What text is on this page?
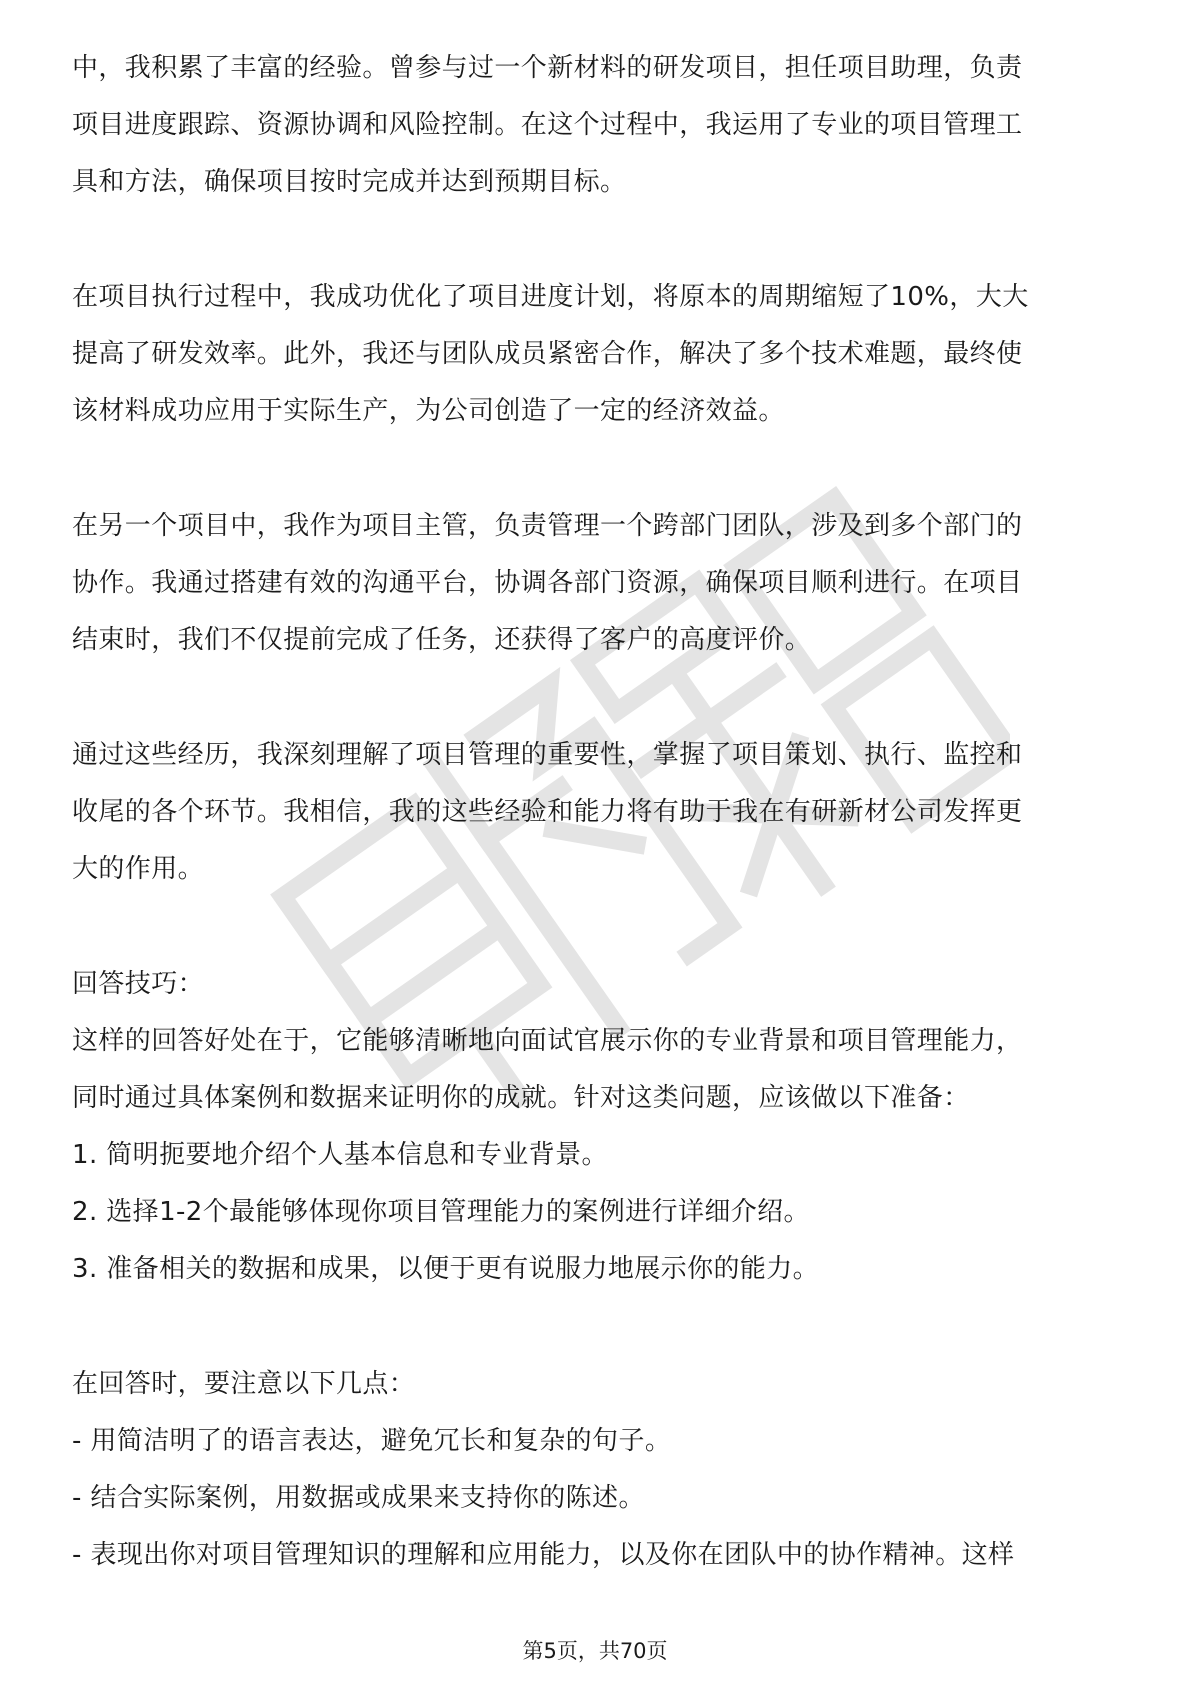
中，我积累了丰富的经验。曾参与过一个新材料的研发项目，担任项目助理，负责
项目进度跟踪、资源协调和风险控制。在这个过程中，我运用了专业的项目管理工
具和方法，确保项目按时完成并达到预期目标。
在项目执行过程中，我成功优化了项目进度计划，将原本的周期缩短了10%，大大
提高了研发效率。此外，我还与团队成员紧密合作，解决了多个技术难题，最终使
该材料成功应用于实际生产，为公司创造了一定的经济效益。
在另一个项目中，我作为项目主管，负责管理一个跨部门团队，涉及到多个部门的
协作。我通过搭建有效的沟通平台，协调各部门资源，确保项目顺利进行。在项目
结束时，我们不仅提前完成了任务，还获得了客户的高度评价。
通过这些经历，我深刻理解了项目管理的重要性，掌握了项目策划、执行、监控和
收尾的各个环节。我相信，我的这些经验和能力将有助于我在有研新材公司发挥更
大的作用。
回答技巧：
这样的回答好处在于，它能够清晰地向面试官展示你的专业背景和项目管理能力，
同时通过具体案例和数据来证明你的成就。针对这类问题，应该做以下准备：
1. 简明扼要地介绍个人基本信息和专业背景。
2. 选择1-2个最能够体现你项目管理能力的案例进行详细介绍。
3. 准备相关的数据和成果，以便于更有说服力地展示你的能力。
在回答时，要注意以下几点：
- 用简洁明了的语言表达，避免冗长和复杂的句子。
- 结合实际案例，用数据或成果来支持你的陈述。
- 表现出你对项目管理知识的理解和应用能力，以及你在团队中的协作精神。这样
第5页，共70页
